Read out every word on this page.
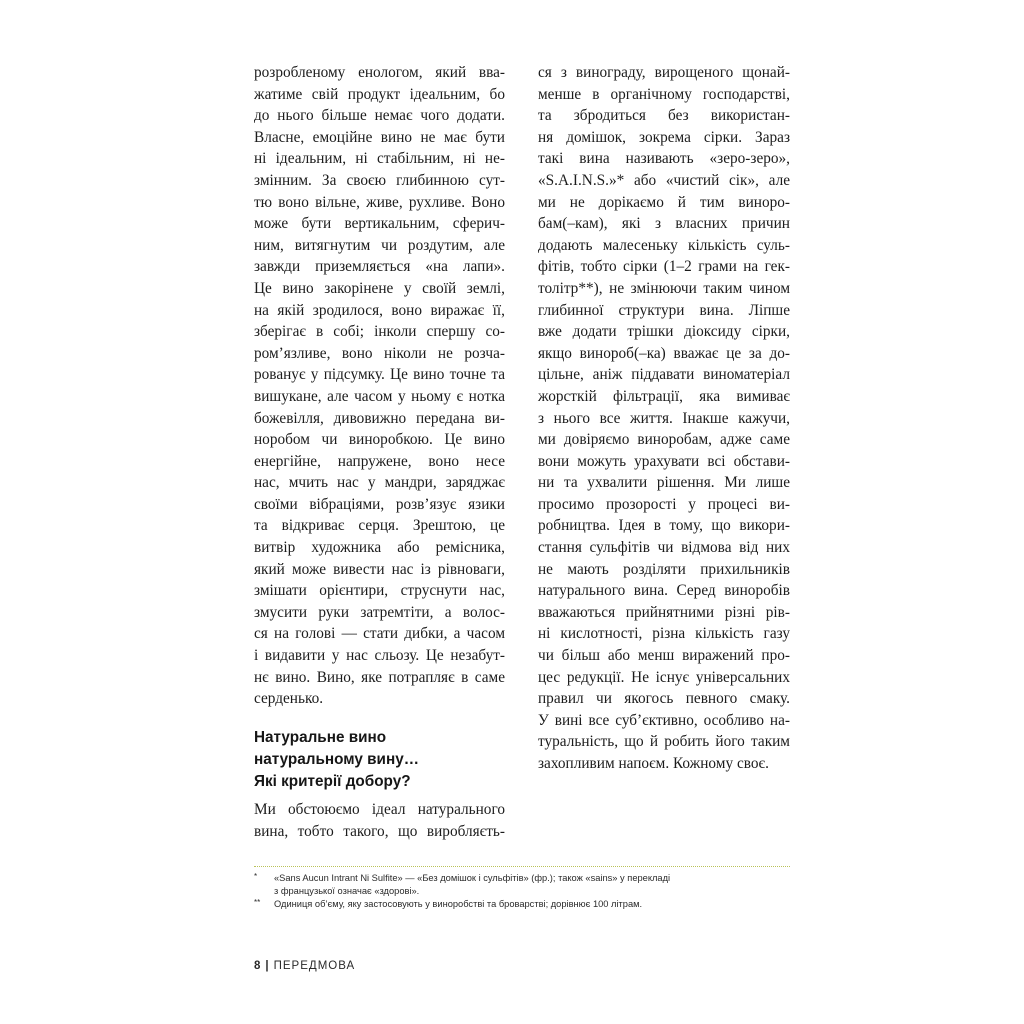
розробленому енологом, який вва-
жатиме свій продукт ідеальним, бо
до нього більше немає чого додати.
Власне, емоційне вино не має бути
ні ідеальним, ні стабільним, ні не-
змінним. За своєю глибинною сут-
тю воно вільне, живе, рухливе. Воно
може бути вертикальним, сферич-
ним, витягнутим чи роздутим, але
завжди приземляється «на лапи».
Це вино закорінене у своїй землі,
на якій зродилося, воно виражає її,
зберігає в собі; інколи спершу со-
ром’язливе, воно ніколи не розча-
рованує у підсумку. Це вино точне та
вишукане, але часом у ньому є нотка
божевілля, дивовижно передана ви-
норобом чи виноробкою. Це вино
енергійне, напружене, воно несе
нас, мчить нас у мандри, заряджає
своїми вібраціями, розв’язує язики
та відкриває серця. Зрештою, це
витвір художника або ремісника,
який може вивести нас із рівноваги,
змішати орієнтири, струснути нас,
змусити руки затремтіти, а волос-
ся на голові — стати дибки, а часом
і видавити у нас сльозу. Це незабут-
нє вино. Вино, яке потрапляє в саме
серденько.
Натуральне вино
натуральному вину…
Які критерії добору?
Ми обстоюємо ідеал натурального
вина, тобто такого, що виробляєть-
ся з винограду, вирощеного щонай-
менше в органічному господарстві,
та збродиться без використан-
ня домішок, зокрема сірки. Зараз
такі вина називають «зеро-зеро»,
«S.A.I.N.S.»* або «чистий сік», але
ми не дорікаємо й тим виноро-
бам(–кам), які з власних причин
додають малесеньку кількість суль-
фітів, тобто сірки (1–2 грами на гек-
толітр**), не змінюючи таким чином
глибинної структури вина. Ліпше
вже додати трішки діоксиду сірки,
якщо винороб(–ка) вважає це за до-
цільне, аніж піддавати виноматеріал
жорсткій фільтрації, яка вимиває
з нього все життя. Інакше кажучи,
ми довіряємо виноробам, адже саме
вони можуть урахувати всі обстави-
ни та ухвалити рішення. Ми лише
просимо прозорості у процесі ви-
робництва. Ідея в тому, що викори-
стання сульфітів чи відмова від них
не мають розділяти прихильників
натурального вина. Серед виноробів
вважаються прийнятними різні рів-
ні кислотності, різна кількість газу
чи більш або менш виражений про-
цес редукції. Не існує універсальних
правил чи якогось певного смаку.
У вині все суб’єктивно, особливо на-
туральність, що й робить його таким
захопливим напоєм. Кожному своє.
* «Sans Aucun Intrant Ni Sulfite» — «Без домішок і сульфітів» (фр.); також «sains» у перекладі
з французької означає «здорові».
** Одиниця об’єму, яку застосовують у виноробстві та броварстві; дорівнює 100 літрам.
8 | ПЕРЕДМОВА
